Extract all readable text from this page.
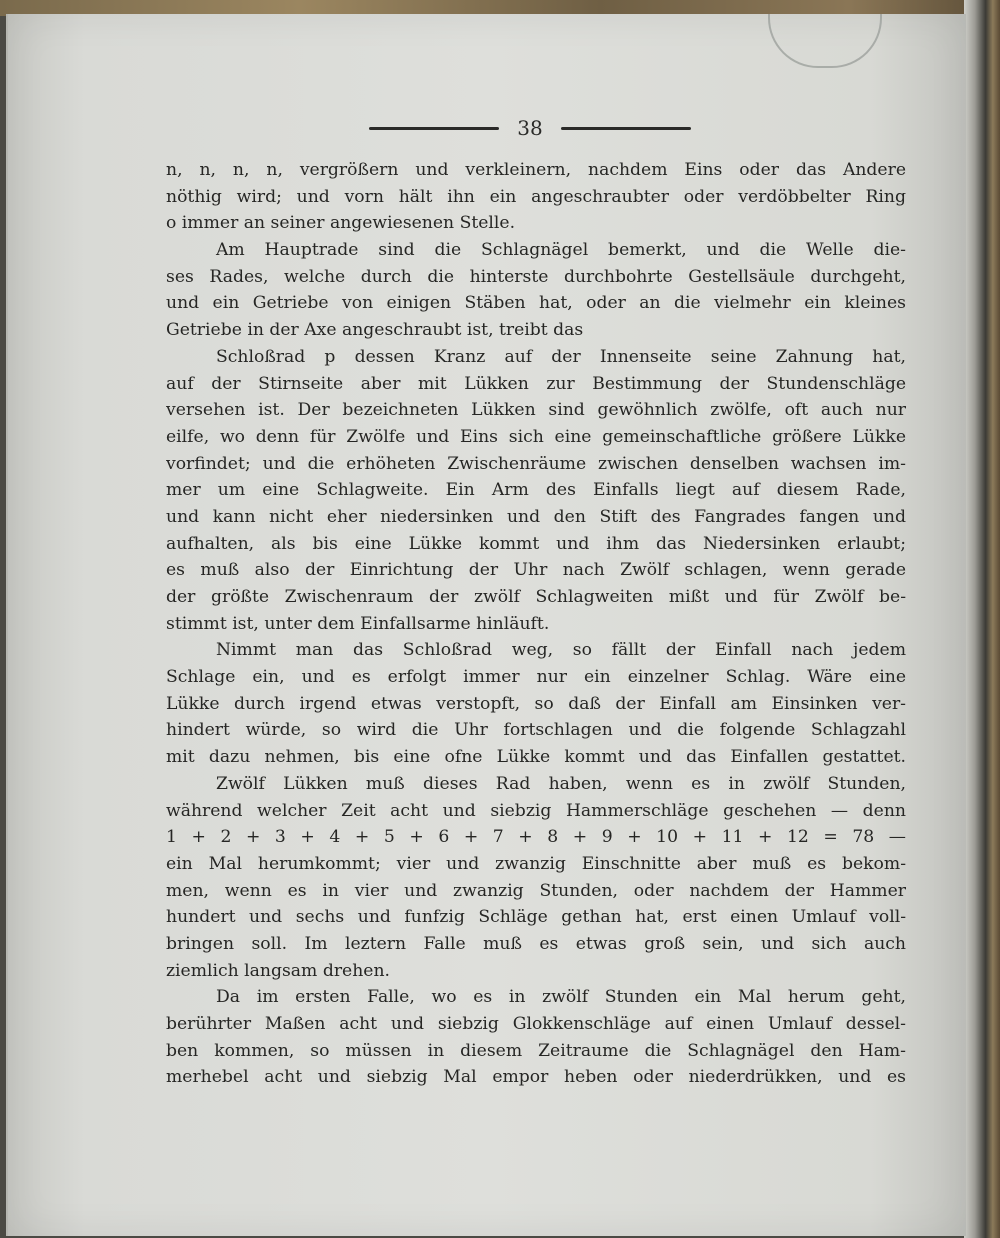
38
n, n, n, n, vergrößern und verkleinern, nachdem Eins oder das Andere
nöthig wird; und vorn hält ihn ein angeschraubter oder verdöbbelter Ring
o immer an seiner angewiesenen Stelle.
Am Hauptrade sind die Schlagnägel bemerkt, und die Welle die-
ses Rades, welche durch die hinterste durchbohrte Gestellsäule durchgeht,
und ein Getriebe von einigen Stäben hat, oder an die vielmehr ein kleines
Getriebe in der Axe angeschraubt ist, treibt das
Schloßrad p dessen Kranz auf der Innenseite seine Zahnung hat,
auf der Stirnseite aber mit Lükken zur Bestimmung der Stundenschläge
versehen ist. Der bezeichneten Lükken sind gewöhnlich zwölfe, oft auch nur
eilfe, wo denn für Zwölfe und Eins sich eine gemeinschaftliche größere Lükke
vorfindet; und die erhöheten Zwischenräume zwischen denselben wachsen im-
mer um eine Schlagweite. Ein Arm des Einfalls liegt auf diesem Rade,
und kann nicht eher niedersinken und den Stift des Fangrades fangen und
aufhalten, als bis eine Lükke kommt und ihm das Niedersinken erlaubt;
es muß also der Einrichtung der Uhr nach Zwölf schlagen, wenn gerade
der größte Zwischenraum der zwölf Schlagweiten mißt und für Zwölf be-
stimmt ist, unter dem Einfallsarme hinläuft.
Nimmt man das Schloßrad weg, so fällt der Einfall nach jedem
Schlage ein, und es erfolgt immer nur ein einzelner Schlag. Wäre eine
Lükke durch irgend etwas verstopft, so daß der Einfall am Einsinken ver-
hindert würde, so wird die Uhr fortschlagen und die folgende Schlagzahl
mit dazu nehmen, bis eine ofne Lükke kommt und das Einfallen gestattet.
Zwölf Lükken muß dieses Rad haben, wenn es in zwölf Stunden,
während welcher Zeit acht und siebzig Hammerschläge geschehen — denn
1 + 2 + 3 + 4 + 5 + 6 + 7 + 8 + 9 + 10 + 11 + 12 = 78 —
ein Mal herumkommt; vier und zwanzig Einschnitte aber muß es bekom-
men, wenn es in vier und zwanzig Stunden, oder nachdem der Hammer
hundert und sechs und funfzig Schläge gethan hat, erst einen Umlauf voll-
bringen soll. Im leztern Falle muß es etwas groß sein, und sich auch
ziemlich langsam drehen.
Da im ersten Falle, wo es in zwölf Stunden ein Mal herum geht,
berührter Maßen acht und siebzig Glokkenschläge auf einen Umlauf dessel-
ben kommen, so müssen in diesem Zeitraume die Schlagnägel den Ham-
merhebel acht und siebzig Mal empor heben oder niederdrükken, und es
